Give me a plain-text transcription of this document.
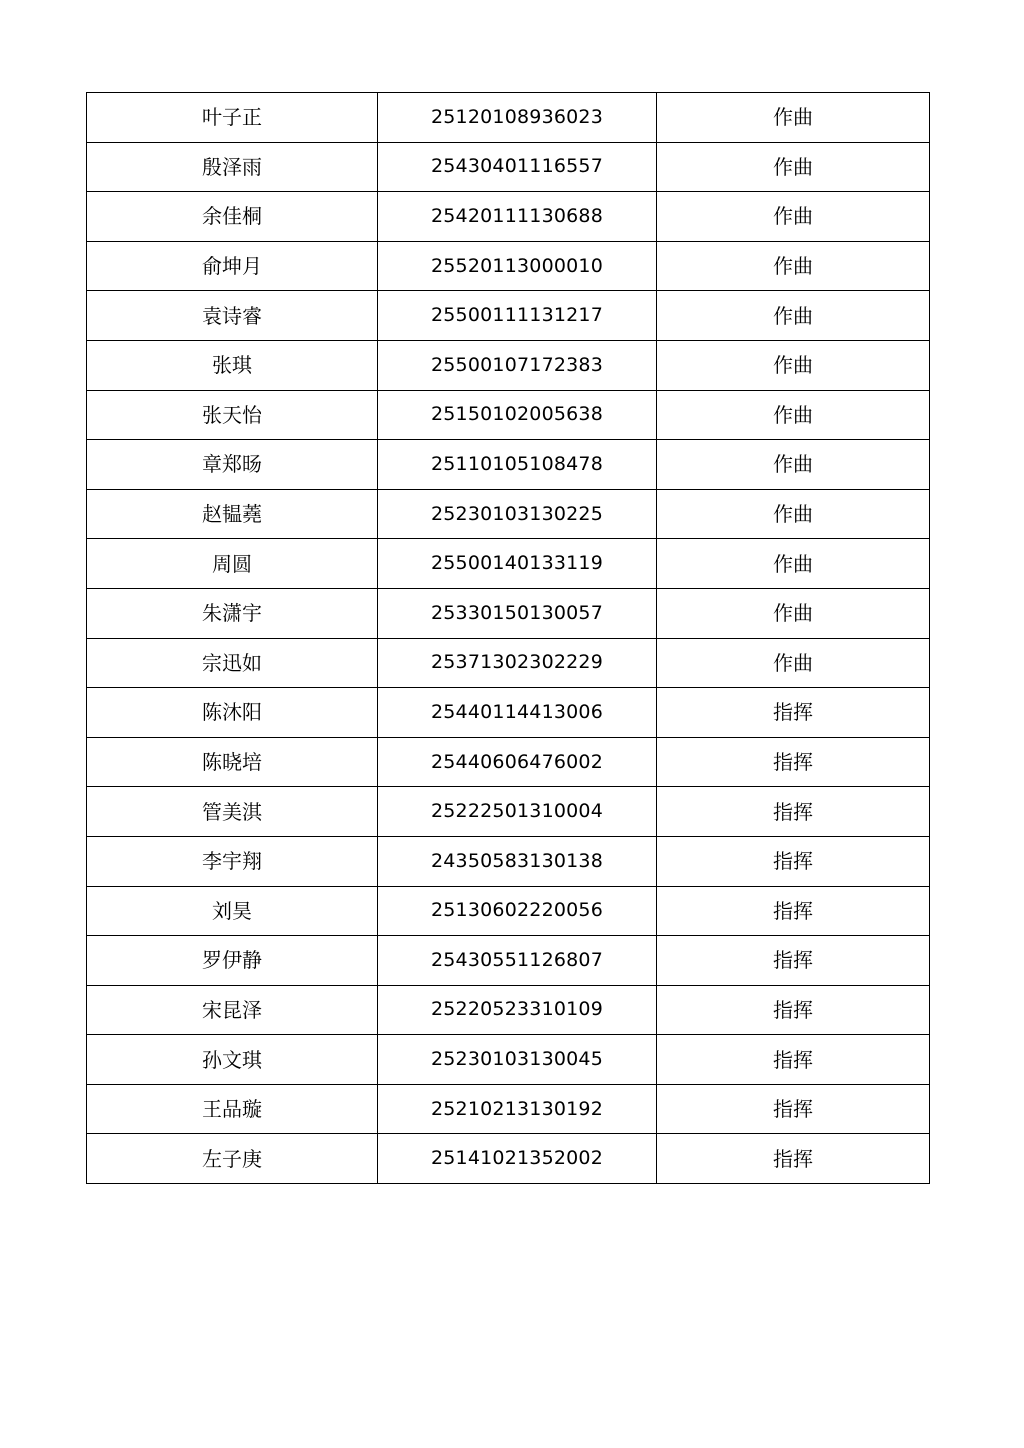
叶子正	25120108936023	作曲
殷泽雨	25430401116557	作曲
余佳桐	25420111130688	作曲
俞坤月	25520113000010	作曲
袁诗睿	25500111131217	作曲
张琪	25500107172383	作曲
张天怡	25150102005638	作曲
章郑旸	25110105108478	作曲
赵韫蕘	25230103130225	作曲
周圆	25500140133119	作曲
朱潇宇	25330150130057	作曲
宗迅如	25371302302229	作曲
陈沐阳	25440114413006	指挥
陈晓培	25440606476002	指挥
管美淇	25222501310004	指挥
李宇翔	24350583130138	指挥
刘昊	25130602220056	指挥
罗伊静	25430551126807	指挥
宋昆泽	25220523310109	指挥
孙文琪	25230103130045	指挥
王品璇	25210213130192	指挥
左子庚	25141021352002	指挥
